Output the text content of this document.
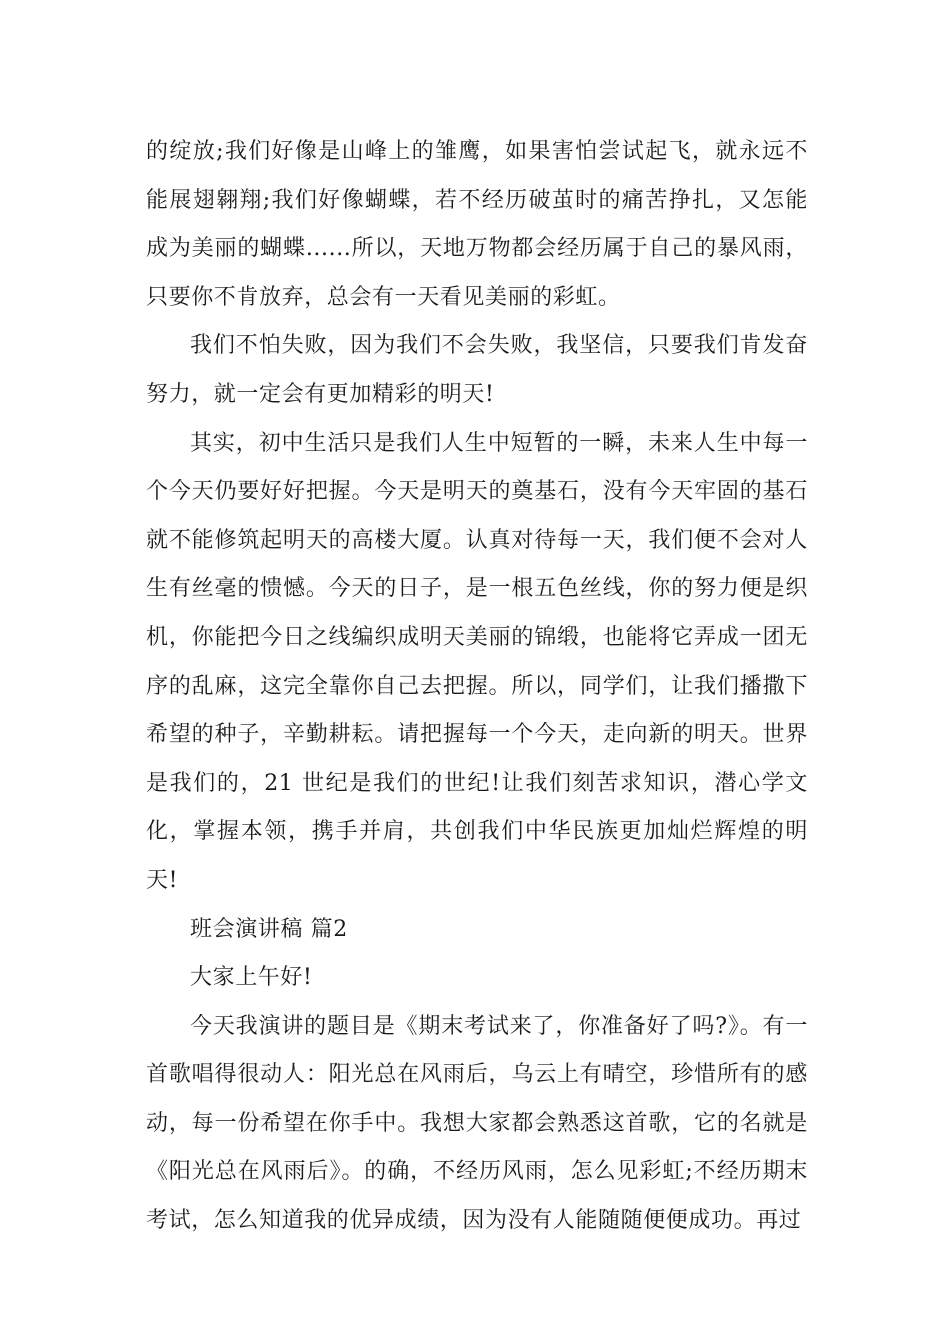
的绽放;我们好像是山峰上的雏鹰，如果害怕尝试起飞，就永远不能展翅翱翔;我们好像蝴蝶，若不经历破茧时的痛苦挣扎，又怎能成为美丽的蝴蝶......所以，天地万物都会经历属于自己的暴风雨，只要你不肯放弃，总会有一天看见美丽的彩虹。

我们不怕失败，因为我们不会失败，我坚信，只要我们肯发奋努力，就一定会有更加精彩的明天!

其实，初中生活只是我们人生中短暂的一瞬，未来人生中每一个今天仍要好好把握。今天是明天的奠基石，没有今天牢固的基石就不能修筑起明天的高楼大厦。认真对待每一天，我们便不会对人生有丝毫的愦憾。今天的日子，是一根五色丝线，你的努力便是织机，你能把今日之线编织成明天美丽的锦缎，也能将它弄成一团无序的乱麻，这完全靠你自己去把握。所以，同学们，让我们播撒下希望的种子，辛勤耕耘。请把握每一个今天，走向新的明天。世界是我们的，21 世纪是我们的世纪!让我们刻苦求知识，潜心学文化，掌握本领，携手并肩，共创我们中华民族更加灿烂辉煌的明天!

班会演讲稿 篇2

大家上午好!

今天我演讲的题目是《期末考试来了，你准备好了吗?》。有一首歌唱得很动人：阳光总在风雨后，乌云上有晴空，珍惜所有的感动，每一份希望在你手中。我想大家都会熟悉这首歌，它的名就是《阳光总在风雨后》。的确，不经历风雨，怎么见彩虹;不经历期末考试，怎么知道我的优异成绩，因为没有人能随随便便成功。再过
